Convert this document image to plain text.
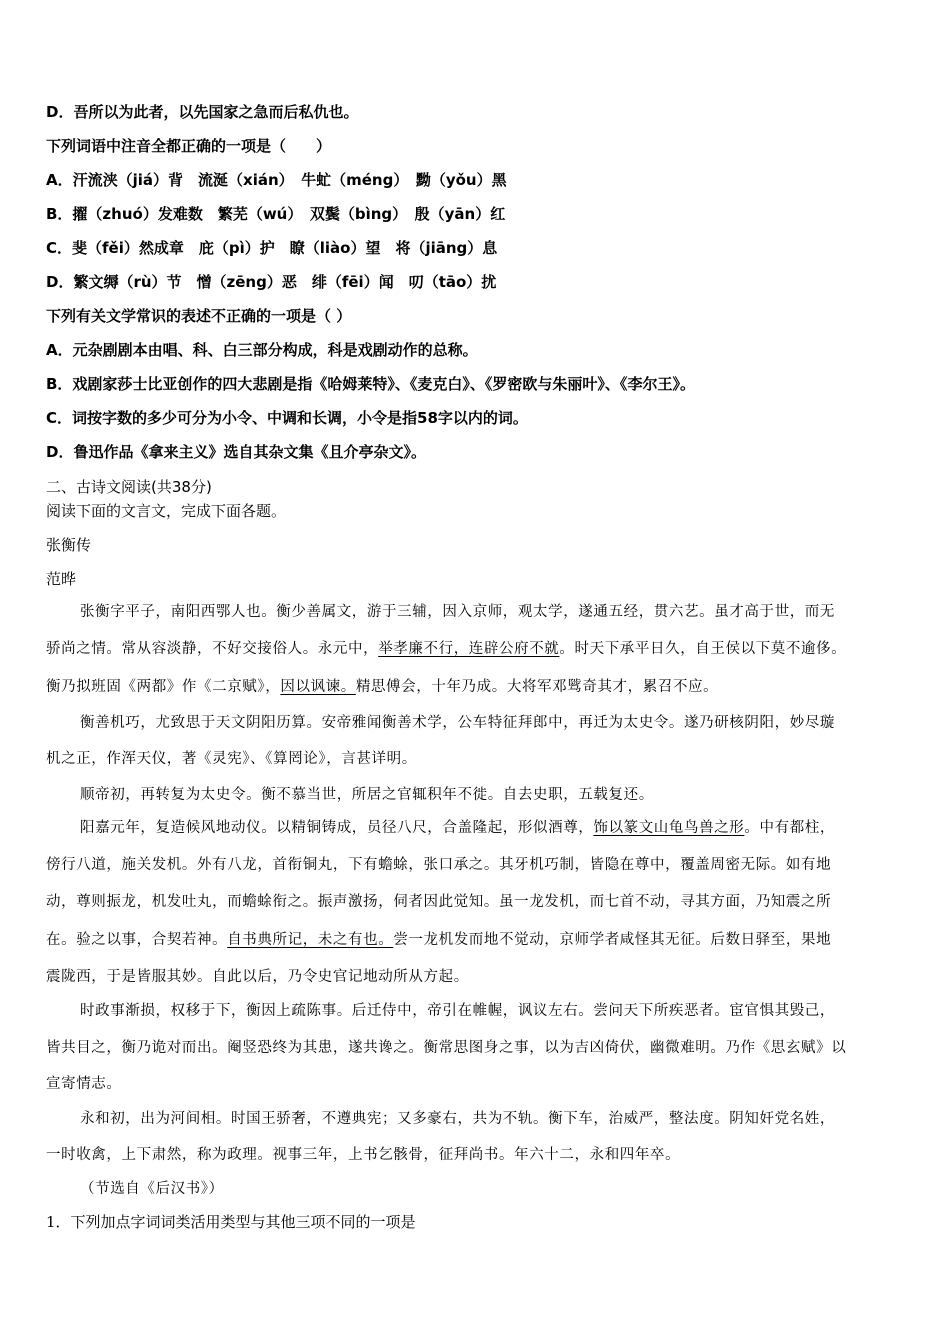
D．吾所以为此者，以先国家之急而后私仇也。
下列词语中注音全都正确的一项是（　　）
A．汗流浃（jiá）背　流涎（xián）　牛虻（méng）　黝（yǒu）黑
B．擢（zhuó）发难数　繁芜（wú）　双鬓（bìng）　殷（yān）红
C．斐（fěi）然成章　庇（pì）护　瞭（liào）望　将（jiāng）息
D．繁文缛（rù）节　憎（zēng）恶　绯（fēi）闻　叨（tāo）扰
下列有关文学常识的表述不正确的一项是（ ）
A．元杂剧剧本由唱、科、白三部分构成，科是戏剧动作的总称。
B．戏剧家莎士比亚创作的四大悲剧是指《哈姆莱特》、《麦克白》、《罗密欧与朱丽叶》、《李尔王》。
C．词按字数的多少可分为小令、中调和长调，小令是指58字以内的词。
D．鲁迅作品《拿来主义》选自其杂文集《且介亭杂文》。
二、古诗文阅读(共38分)
阅读下面的文言文，完成下面各题。
张衡传
范晔
张衡字平子，南阳西鄂人也。衡少善属文，游于三辅，因入京师，观太学，遂通五经，贯六艺。虽才高于世，而无
骄尚之情。常从容淡静，不好交接俗人。永元中，举孝廉不行，连辟公府不就。时天下承平日久，自王侯以下莫不逾侈。
衡乃拟班固《两都》作《二京赋》，因以讽谏。精思傅会，十年乃成。大将军邓骘奇其才，累召不应。
衡善机巧，尤致思于天文阴阳历算。安帝雅闻衡善术学，公车特征拜郎中，再迁为太史令。遂乃研核阴阳，妙尽璇
机之正，作浑天仪，著《灵宪》、《算罔论》，言甚详明。
顺帝初，再转复为太史令。衡不慕当世，所居之官辄积年不徙。自去史职，五载复还。
阳嘉元年，复造候风地动仪。以精铜铸成，员径八尺，合盖隆起，形似酒尊，饰以篆文山龟鸟兽之形。中有都柱，
傍行八道，施关发机。外有八龙，首衔铜丸，下有蟾蜍，张口承之。其牙机巧制，皆隐在尊中，覆盖周密无际。如有地
动，尊则振龙，机发吐丸，而蟾蜍衔之。振声激扬，伺者因此觉知。虽一龙发机，而七首不动，寻其方面，乃知震之所
在。验之以事，合契若神。自书典所记，未之有也。尝一龙机发而地不觉动，京师学者咸怪其无征。后数日驿至，果地
震陇西，于是皆服其妙。自此以后，乃令史官记地动所从方起。
时政事渐损，权移于下，衡因上疏陈事。后迁侍中，帝引在帷幄，讽议左右。尝问天下所疾恶者。宦官惧其毁己，
皆共目之，衡乃诡对而出。阉竖恐终为其患，遂共谗之。衡常思图身之事，以为吉凶倚伏，幽微难明。乃作《思玄赋》以
宣寄情志。
永和初，出为河间相。时国王骄奢，不遵典宪；又多豪右，共为不轨。衡下车，治威严，整法度。阴知奸党名姓，
一时收禽，上下肃然，称为政理。视事三年，上书乞骸骨，征拜尚书。年六十二，永和四年卒。
（节选自《后汉书》）
1．下列加点字词词类活用类型与其他三项不同的一项是
